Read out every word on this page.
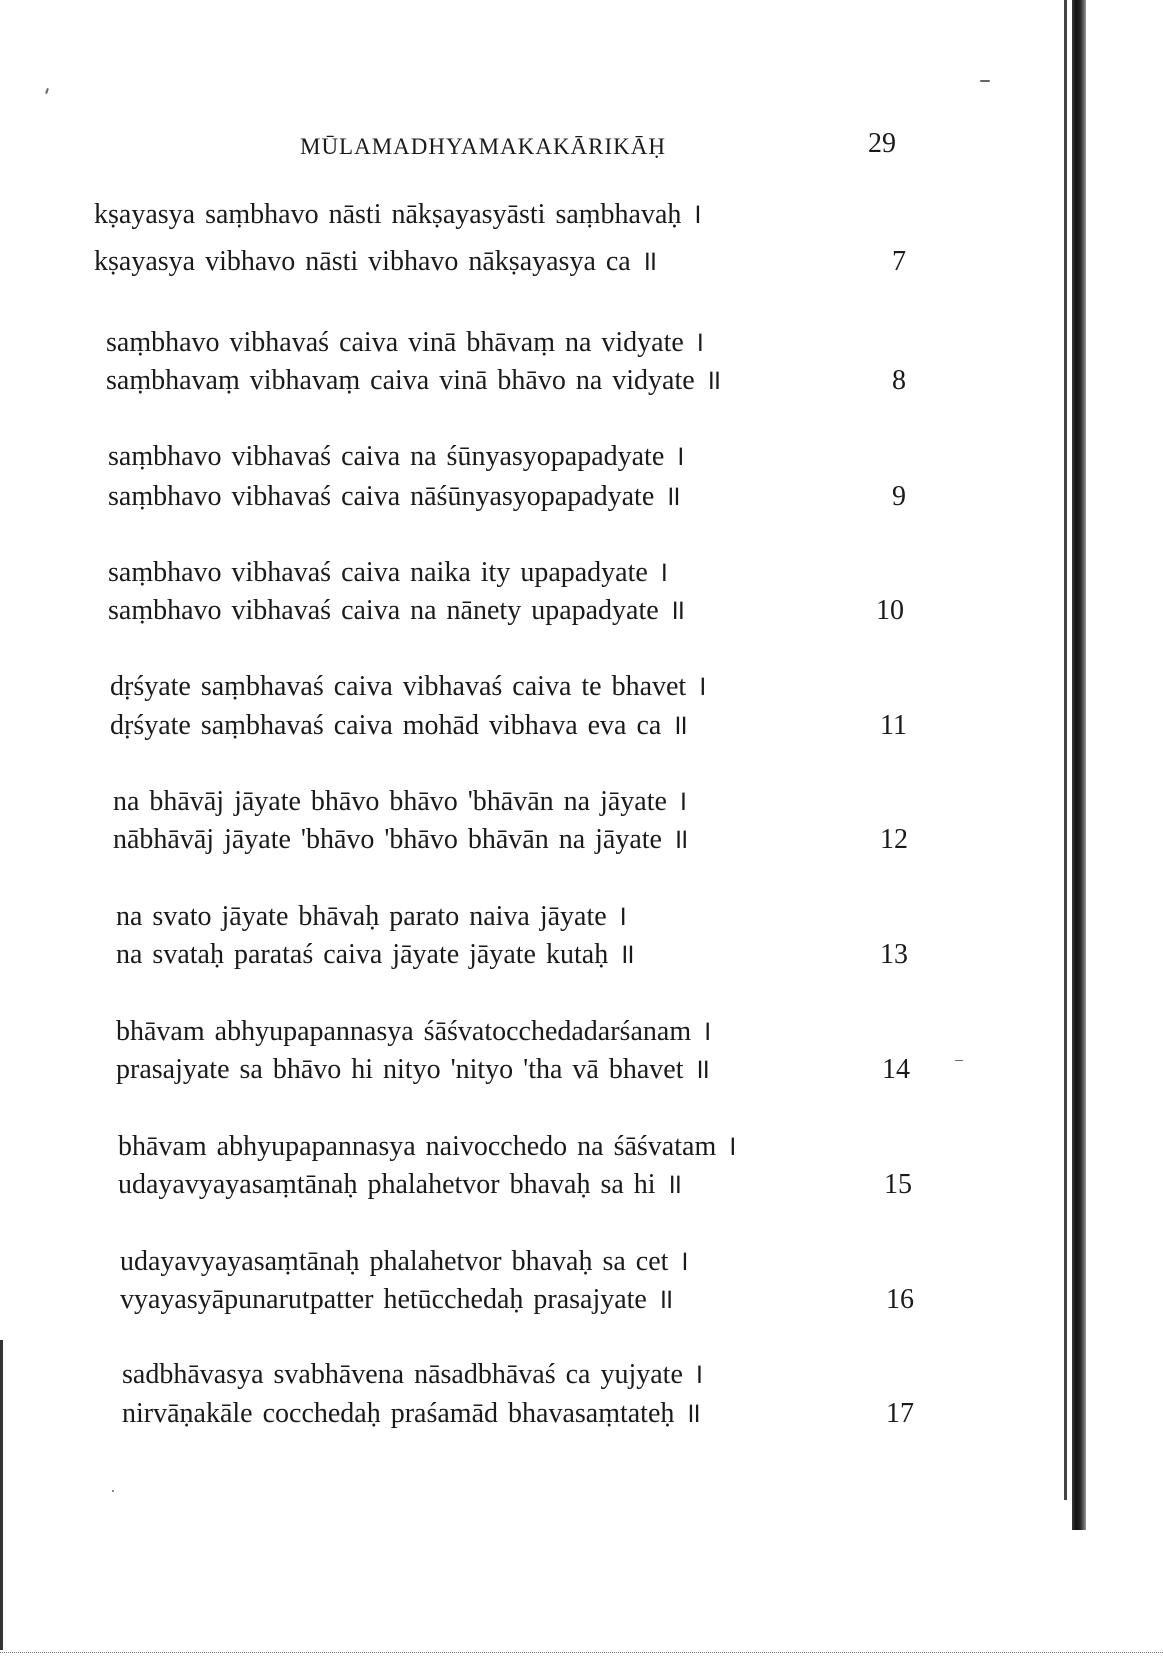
MŪLAMADHYAMAKAKĀRIKĀḤ	29
kṣayasya saṃbhavo nāsti nākṣayasyāsti saṃbhavaḥ ।
kṣayasya vibhavo nāsti vibhavo nākṣayasya ca ॥	7
saṃbhavo vibhavaś caiva vinā bhāvaṃ na vidyate ।
saṃbhavaṃ vibhavaṃ caiva vinā bhāvo na vidyate ॥	8
saṃbhavo vibhavaś caiva na śūnyasyopapadyate ।
saṃbhavo vibhavaś caiva nāśūnyasyopapadyate ॥	9
saṃbhavo vibhavaś caiva naika ity upapadyate ।
saṃbhavo vibhavaś caiva na nānety upapadyate ॥	10
dṛśyate saṃbhavaś caiva vibhavaś caiva te bhavet ।
dṛśyate saṃbhavaś caiva mohād vibhava eva ca ॥	11
na bhāvāj jāyate bhāvo bhāvo 'bhāvān na jāyate ।
nābhāvāj jāyate 'bhāvo 'bhāvo bhāvān na jāyate ॥	12
na svato jāyate bhāvaḥ parato naiva jāyate ।
na svataḥ parataś caiva jāyate jāyate kutaḥ ॥	13
bhāvam abhyupapannasya śāśvatocchedadarśanam ।
prasajyate sa bhāvo hi nityo 'nityo 'tha vā bhavet ॥	14
bhāvam abhyupapannasya naivocchedo na śāśvatam ।
udayavyayasaṃtānaḥ phalahetvor bhavaḥ sa hi ॥	15
udayavyayasaṃtānaḥ phalahetvor bhavaḥ sa cet ।
vyayasyāpunarutpatter hetūcchedaḥ prasajyate ॥	16
sadbhāvasya svabhāvena nāsadbhāvaś ca yujyate ।
nirvāṇakāle cocchedaḥ praśamād bhavasaṃtateḥ ॥	17
